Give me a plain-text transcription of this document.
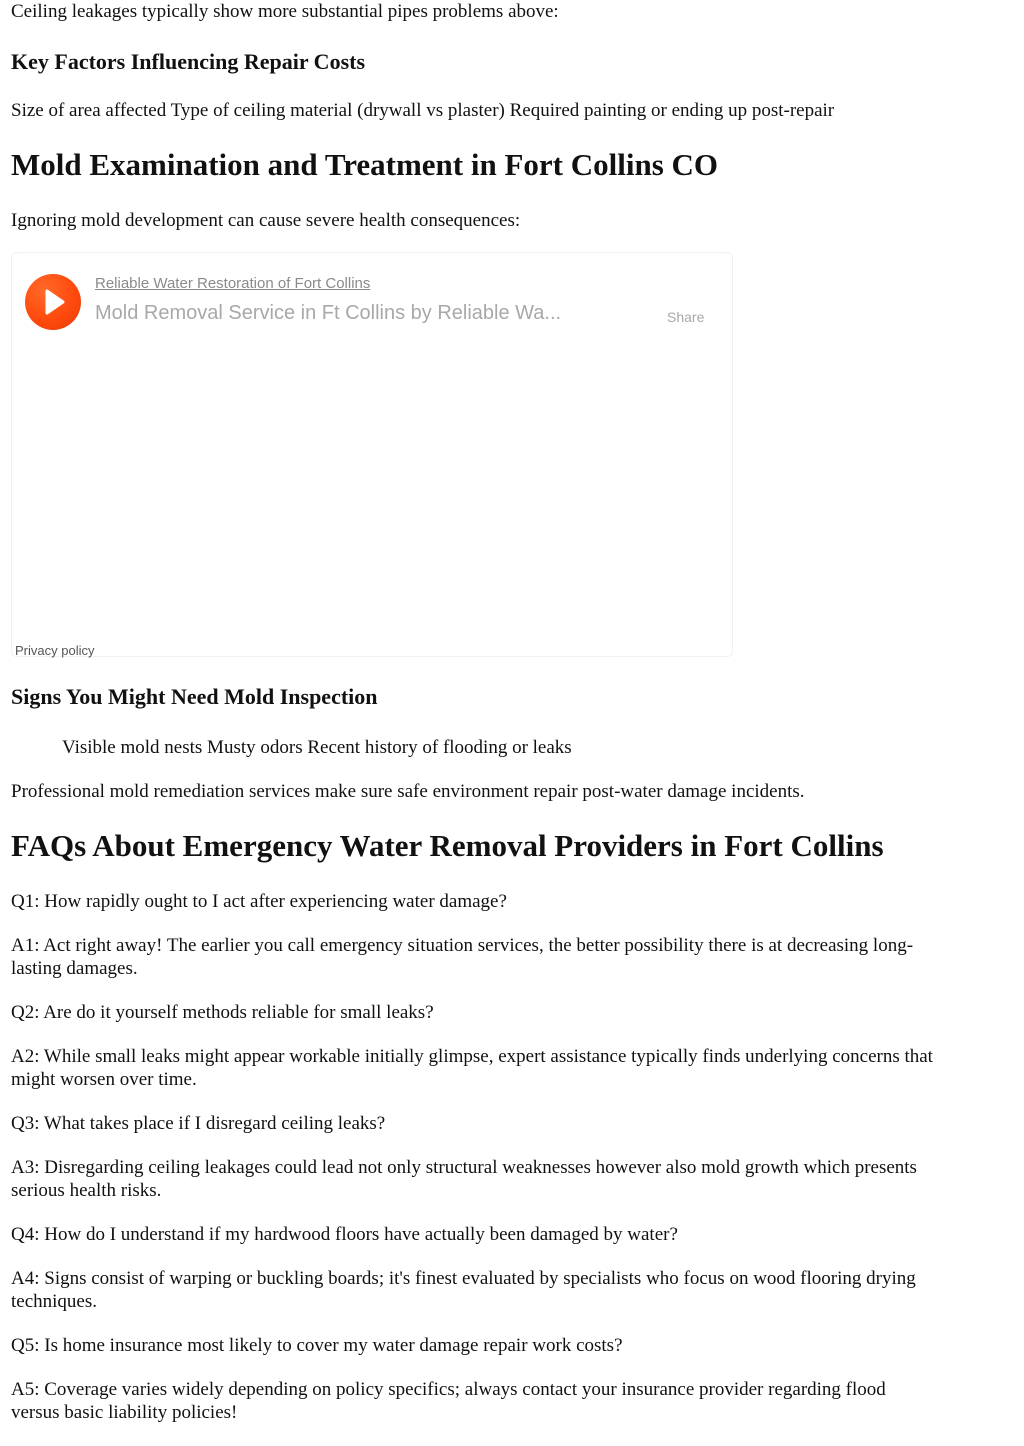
Ceiling leakages typically show more substantial pipes problems above:

Key Factors Influencing Repair Costs

Size of area affected Type of ceiling material (drywall vs plaster) Required painting or ending up post-repair

Mold Examination and Treatment in Fort Collins CO

Ignoring mold development can cause severe health consequences:

Reliable Water Restoration of Fort Collins
Mold Removal Service in Ft Collins by Reliable Wa...	Share
Privacy policy
Signs You Might Need Mold Inspection

Visible mold nests Musty odors Recent history of flooding or leaks

Professional mold remediation services make sure safe environment repair post-water damage incidents.

FAQs About Emergency Water Removal Providers in Fort Collins

Q1: How rapidly ought to I act after experiencing water damage?

A1: Act right away! The earlier you call emergency situation services, the better possibility there is at decreasing long-

lasting damages.

Q2: Are do it yourself methods reliable for small leaks?

A2: While small leaks might appear workable initially glimpse, expert assistance typically finds underlying concerns that

might worsen over time.

Q3: What takes place if I disregard ceiling leaks?

A3: Disregarding ceiling leakages could lead not only structural weaknesses however also mold growth which presents

serious health risks.

Q4: How do I understand if my hardwood floors have actually been damaged by water?

A4: Signs consist of warping or buckling boards; it's finest evaluated by specialists who focus on wood flooring drying

techniques.

Q5: Is home insurance most likely to cover my water damage repair work costs?

A5: Coverage varies widely depending on policy specifics; always contact your insurance provider regarding flood

versus basic liability policies!
